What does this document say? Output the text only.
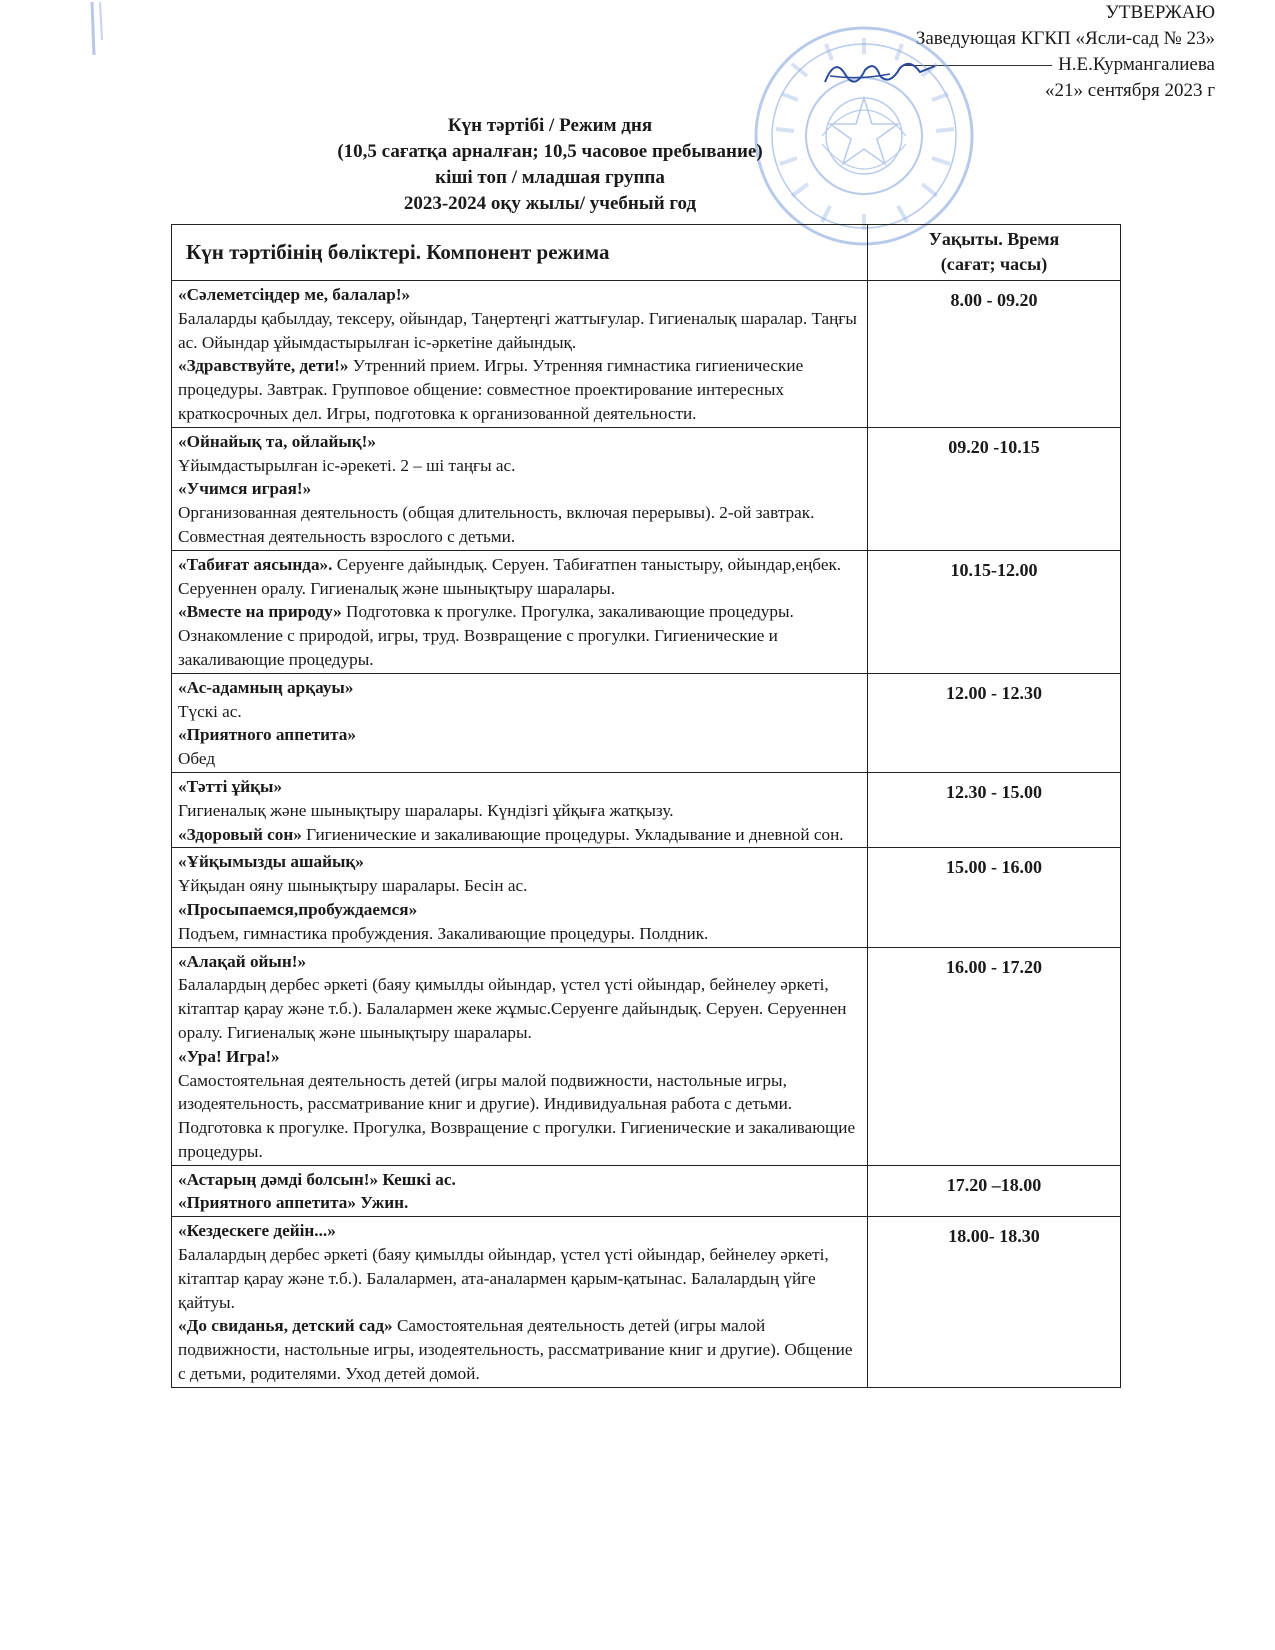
УТВЕРЖАЮ
Заведующая КГКП «Ясли-сад № 23»
Н.Е.Курмангалиева
«21» сентября 2023 г
Күн тәртібі / Режим дня
(10,5 сағатқа арналған; 10,5 часовое пребывание)
кіші топ / младшая группа
2023-2024 оқу жылы/ учебный год
Күн тәртібінің бөліктері. Компонент режима	Уақыты. Время
(сағат; часы)

«Сәлеметсіңдер ме, балалар!»
Балаларды қабылдау, тексеру, ойындар, Таңертеңгі жаттығулар. Гигиеналық шаралар. Таңғы ас. Ойындар ұйымдастырылған іс-әркетіне дайындық.
«Здравствуйте, дети!» Утренний прием. Игры. Утренняя гимнастика гигиенические процедуры. Завтрак. Групповое общение: совместное проектирование интересных краткосрочных дел. Игры, подготовка к организованной деятельности.	8.00 - 09.20
«Ойнайық та, ойлайық!»
Ұйымдастырылған іс-әрекеті. 2 – ші таңғы ас.
«Учимся играя!»
Организованная деятельность (общая длительность, включая перерывы). 2-ой завтрак. Совместная деятельность взрослого с детьми.	09.20 -10.15
«Табиғат аясында». Серуенге дайындық. Серуен. Табиғатпен таныстыру, ойындар,еңбек. Серуеннен оралу. Гигиеналық және шынықтыру шаралары.
«Вместе на природу» Подготовка к прогулке. Прогулка, закаливающие процедуры. Ознакомление с природой, игры, труд. Возвращение с прогулки. Гигиенические и закаливающие процедуры.	10.15-12.00
«Ас-адамның арқауы»
Түскі ас.
«Приятного аппетита»
Обед	12.00 - 12.30
«Тәтті ұйқы»
Гигиеналық және шынықтыру шаралары. Күндізгі ұйқыға жатқызу.
«Здоровый сон» Гигиенические и закаливающие процедуры. Укладывание и дневной сон.	12.30 - 15.00
«Ұйқымызды ашайық»
Ұйқыдан ояну шынықтыру шаралары. Бесін ас.
«Просыпаемся,пробуждаемся»
Подъем, гимнастика пробуждения. Закаливающие процедуры. Полдник.	15.00 - 16.00
«Алақай ойын!»
Балалардың дербес әркеті (баяу қимылды ойындар, үстел үсті ойындар, бейнелеу әркеті, кітаптар қарау және т.б.). Балалармен жеке жұмыс.Серуенге дайындық. Серуен. Серуеннен оралу. Гигиеналық және шынықтыру шаралары.
«Ура! Игра!»
Самостоятельная деятельность детей (игры малой подвижности, настольные игры, изодеятельность, рассматривание книг и другие). Индивидуальная работа с детьми. Подготовка к прогулке. Прогулка, Возвращение с прогулки. Гигиенические и закаливающие процедуры.	16.00 - 17.20
«Астарың дәмді болсын!» Кешкі ас.
«Приятного аппетита» Ужин.	17.20 –18.00
«Кездескеге дейін...»
Балалардың дербес әркеті (баяу қимылды ойындар, үстел үсті ойындар, бейнелеу әркеті, кітаптар қарау және т.б.). Балалармен, ата-аналармен қарым-қатынас. Балалардың үйге қайтуы.
«До свиданья, детский сад» Самостоятельная деятельность детей (игры малой подвижности, настольные игры, изодеятельность, рассматривание книг и другие). Общение с детьми, родителями. Уход детей домой.	18.00- 18.30
